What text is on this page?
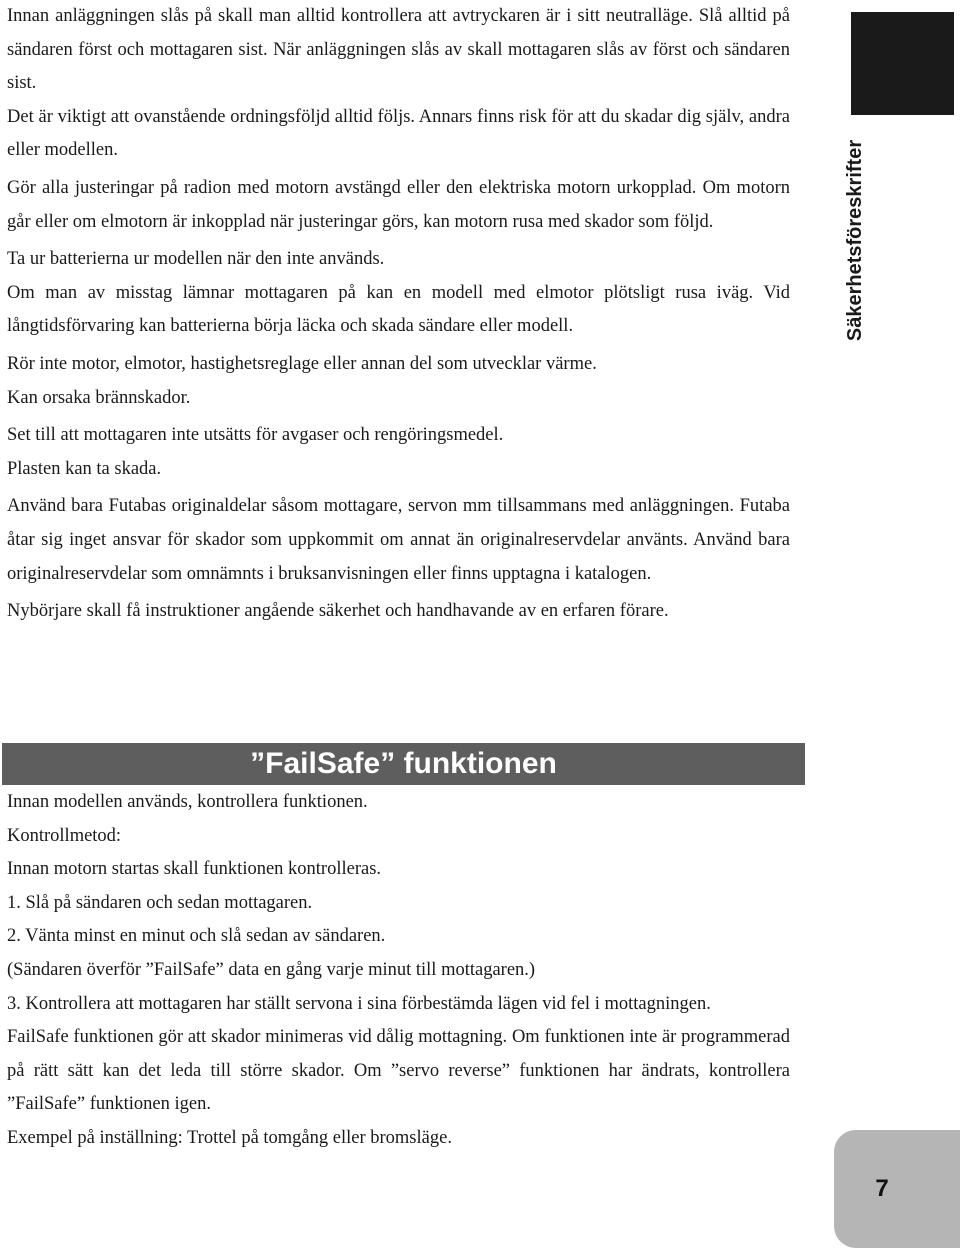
Säkerhetsföreskrifter

Innan anläggningen slås på skall man alltid kontrollera att avtryckaren är i sitt neutralläge. Slå alltid på sändaren först och mottagaren sist. När anläggningen slås av skall mottagaren slås av först och sändaren sist.

Det är viktigt att ovanstående ordningsföljd alltid följs. Annars finns risk för att du skadar dig själv, andra eller modellen.

Gör alla justeringar på radion med motorn avstängd eller den elektriska motorn urkopplad. Om motorn går eller om elmotorn är inkopplad när justeringar görs, kan motorn rusa med skador som följd.

Ta ur batterierna ur modellen när den inte används.

Om man av misstag lämnar mottagaren på kan en modell med elmotor plötsligt rusa iväg. Vid långtidsförvaring kan batterierna börja läcka och skada sändare eller modell.

Rör inte motor, elmotor, hastighetsreglage eller annan del som utvecklar värme.

Kan orsaka brännskador.

Set till att mottagaren inte utsätts för avgaser och rengöringsmedel.

Plasten kan ta skada.

Använd bara Futabas originaldelar såsom mottagare, servon mm tillsammans med anläggningen. Futaba åtar sig inget ansvar för skador som uppkommit om annat än originalreservdelar använts. Använd bara originalreservdelar som omnämnts i bruksanvisningen eller finns upptagna i katalogen.

Nybörjare skall få instruktioner angående säkerhet och handhavande av en erfaren förare.

”FailSafe” funktionen

Innan modellen används, kontrollera funktionen.

Kontrollmetod:

Innan motorn startas skall funktionen kontrolleras.

1. Slå på sändaren och sedan mottagaren.

2. Vänta minst en minut och slå sedan av sändaren.

(Sändaren överför ”FailSafe” data en gång varje minut till mottagaren.)

3. Kontrollera att mottagaren har ställt servona i sina förbestämda lägen vid fel i mottagningen.

FailSafe funktionen gör att skador minimeras vid dålig mottagning. Om funktionen inte är programmerad på rätt sätt kan det leda till större skador. Om ”servo reverse” funktionen har ändrats, kontrollera ”FailSafe” funktionen igen.

Exempel på inställning: Trottel på tomgång eller bromsläge.

7
